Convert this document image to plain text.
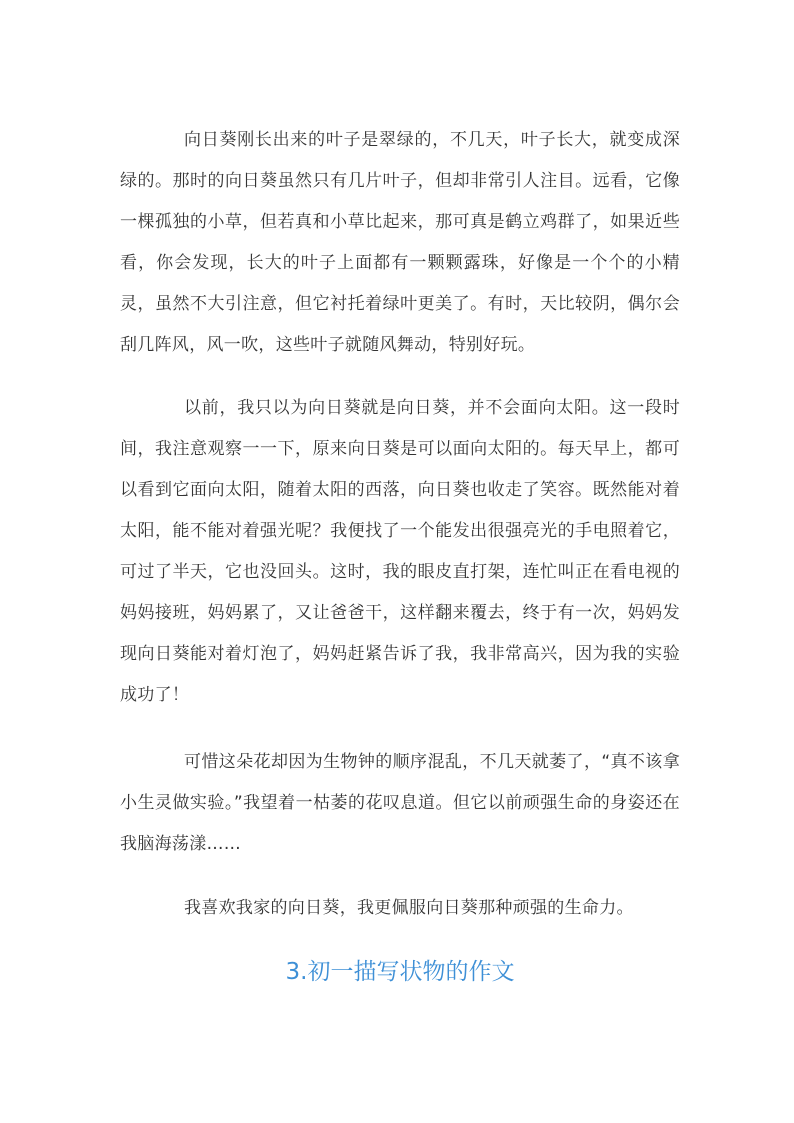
向日葵刚长出来的叶子是翠绿的，不几天，叶子长大，就变成深绿的。那时的向日葵虽然只有几片叶子，但却非常引人注目。远看，它像一棵孤独的小草，但若真和小草比起来，那可真是鹤立鸡群了，如果近些看，你会发现，长大的叶子上面都有一颗颗露珠，好像是一个个的小精灵，虽然不大引注意，但它衬托着绿叶更美了。有时，天比较阴，偶尔会刮几阵风，风一吹，这些叶子就随风舞动，特别好玩。

以前，我只以为向日葵就是向日葵，并不会面向太阳。这一段时间，我注意观察一一下，原来向日葵是可以面向太阳的。每天早上，都可以看到它面向太阳，随着太阳的西落，向日葵也收走了笑容。既然能对着太阳，能不能对着强光呢？我便找了一个能发出很强亮光的手电照着它，可过了半天，它也没回头。这时，我的眼皮直打架，连忙叫正在看电视的妈妈接班，妈妈累了，又让爸爸干，这样翻来覆去，终于有一次，妈妈发现向日葵能对着灯泡了，妈妈赶紧告诉了我，我非常高兴，因为我的实验成功了！

可惜这朵花却因为生物钟的顺序混乱，不几天就萎了，“真不该拿小生灵做实验。”我望着一枯萎的花叹息道。但它以前顽强生命的身姿还在我脑海荡漾……

我喜欢我家的向日葵，我更佩服向日葵那种顽强的生命力。

3.初一描写状物的作文
